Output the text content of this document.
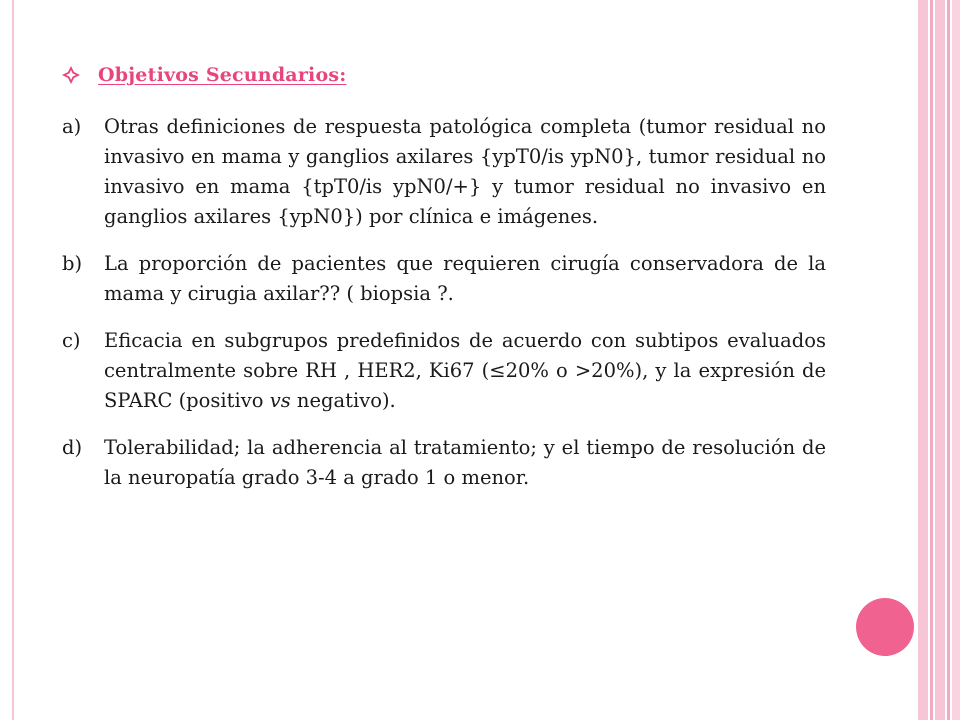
Objetivos Secundarios:
a)	Otras definiciones de respuesta patológica completa (tumor residual no invasivo en mama y ganglios axilares {ypT0/is ypN0}, tumor residual no invasivo en mama {tpT0/is ypN0/+} y tumor residual no invasivo en ganglios axilares {ypN0}) por clínica e imágenes.
b)	La proporción de pacientes que requieren cirugía conservadora de la mama y cirugia axilar?? ( biopsia ?.
c)	Eficacia en subgrupos predefinidos de acuerdo con subtipos evaluados centralmente sobre RH , HER2, Ki67 (≤20% o >20%), y la expresión de SPARC (positivo vs negativo).
d)	Tolerabilidad; la adherencia al tratamiento; y el tiempo de resolución de la neuropatía grado 3-4 a grado 1 o menor.
